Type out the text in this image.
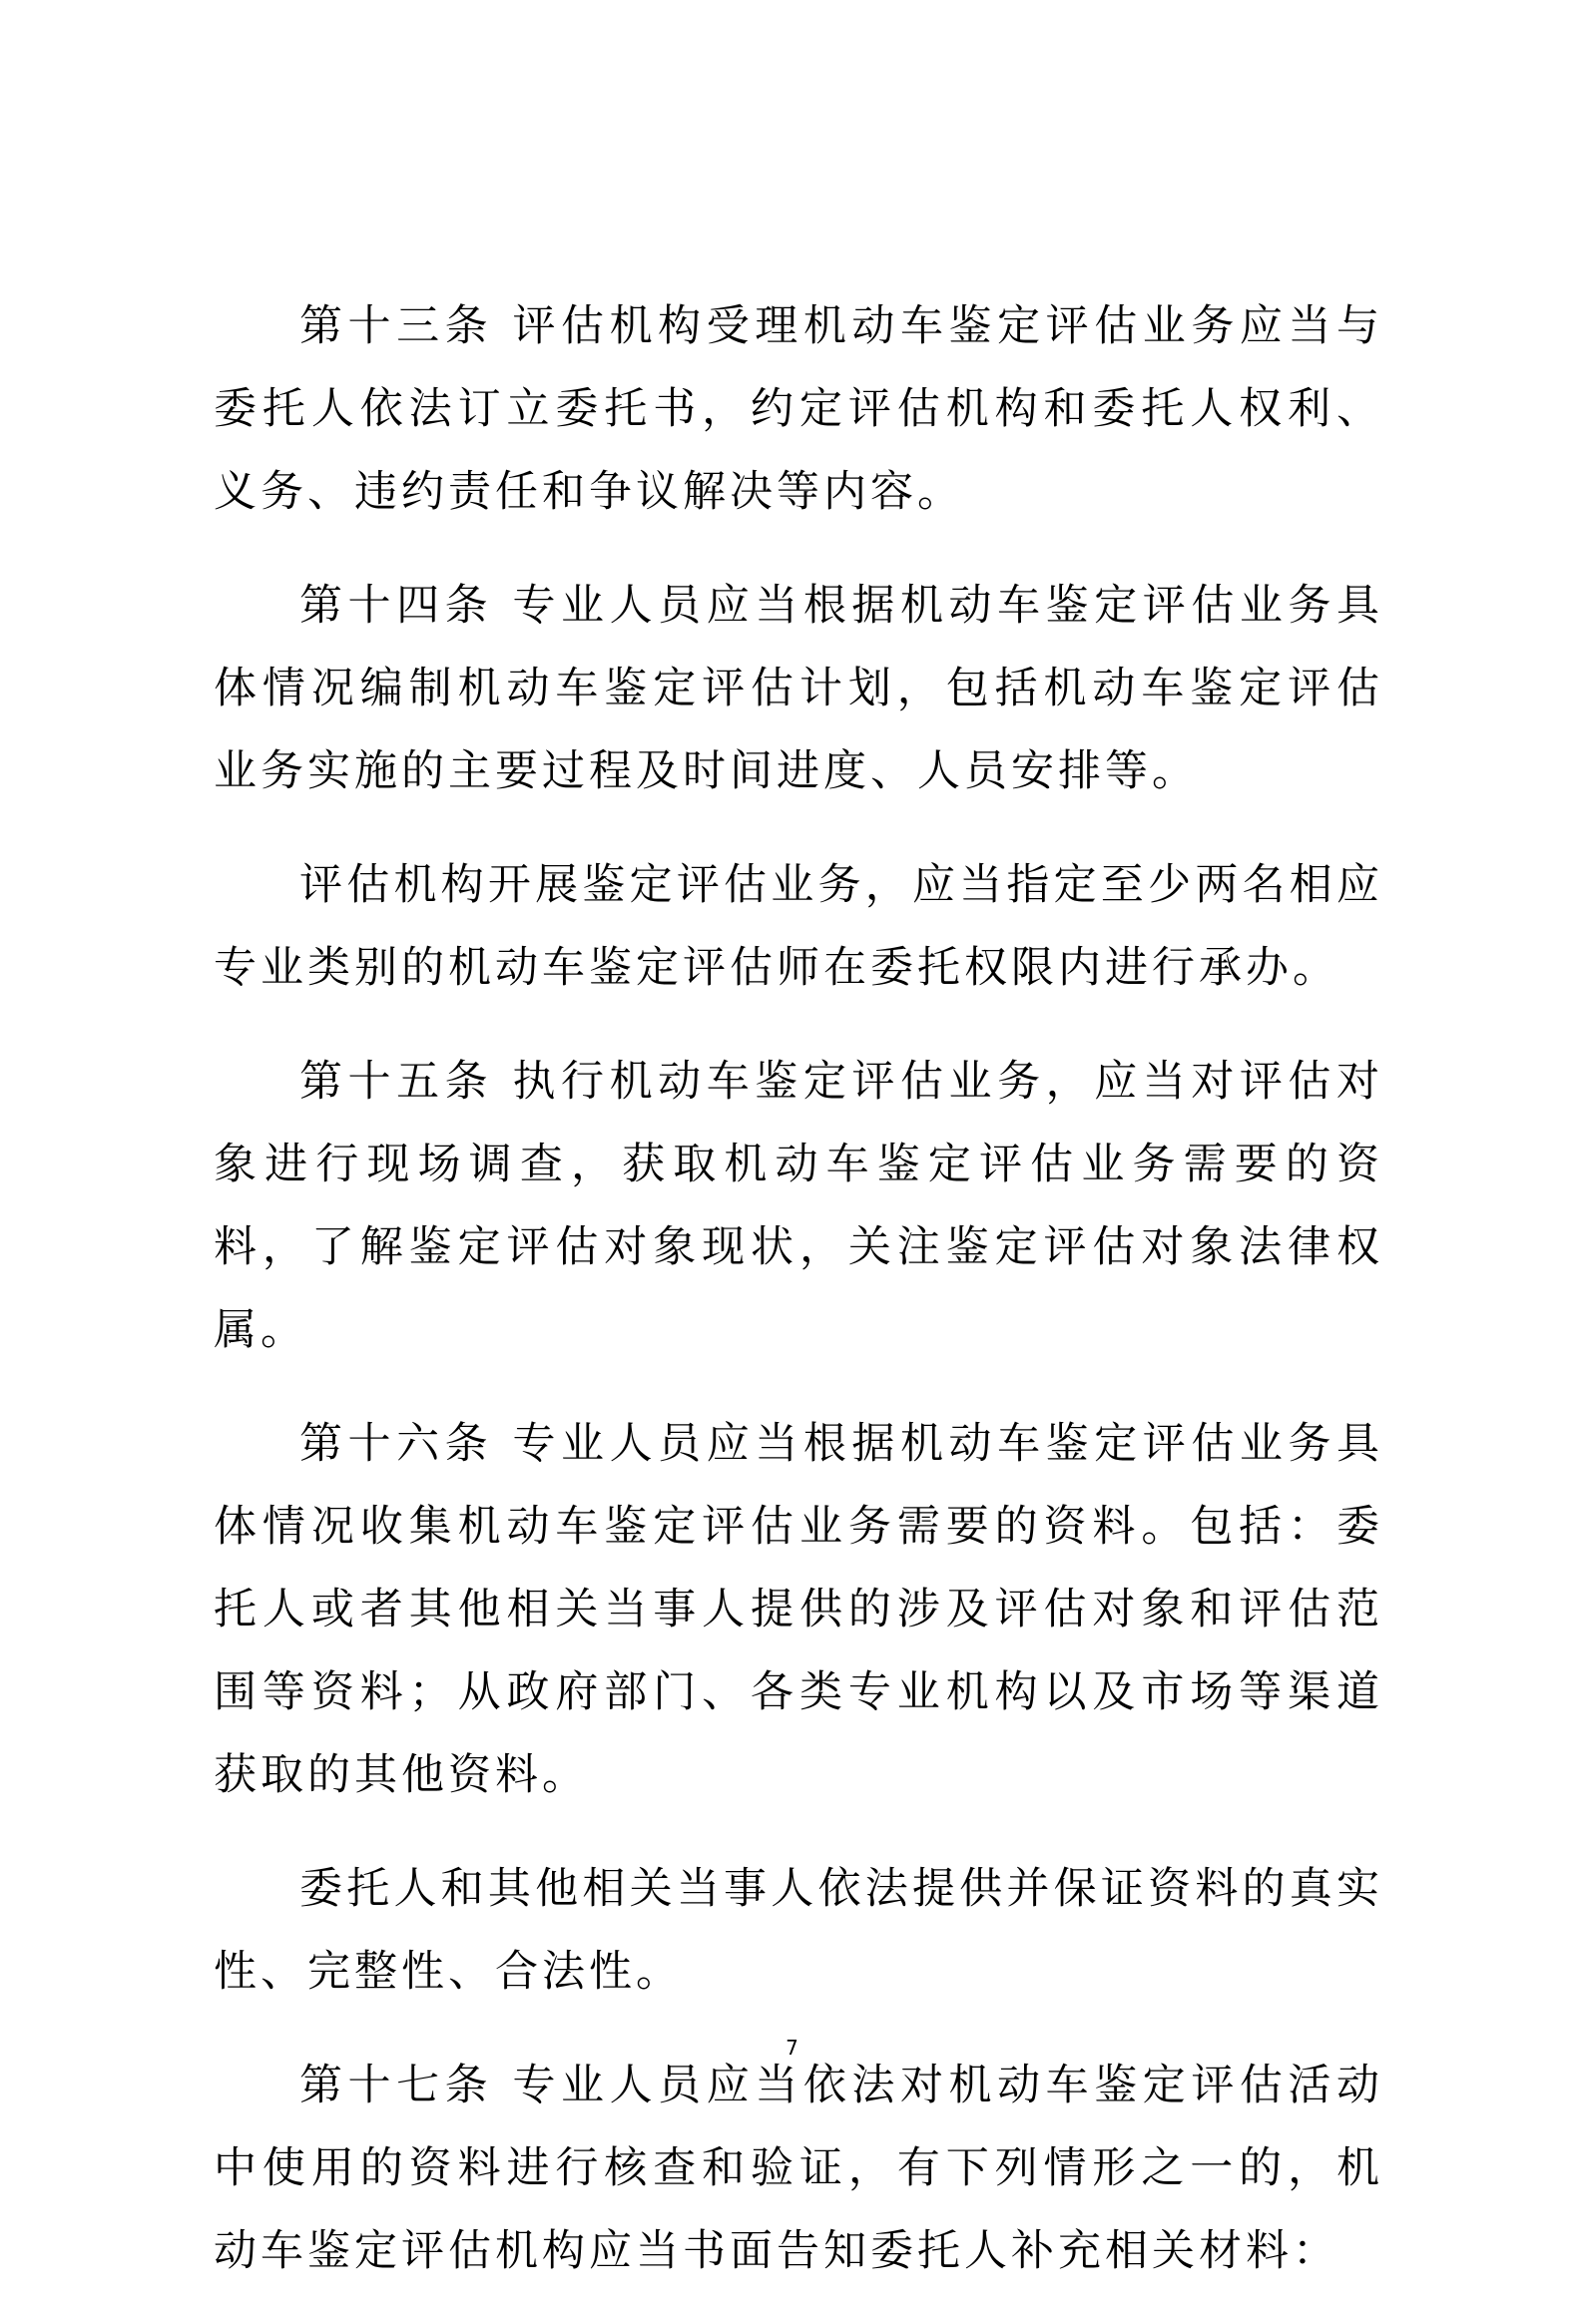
第十三条 评估机构受理机动车鉴定评估业务应当与委托人依法订立委托书，约定评估机构和委托人权利、义务、违约责任和争议解决等内容。

第十四条 专业人员应当根据机动车鉴定评估业务具体情况编制机动车鉴定评估计划，包括机动车鉴定评估业务实施的主要过程及时间进度、人员安排等。

评估机构开展鉴定评估业务，应当指定至少两名相应专业类别的机动车鉴定评估师在委托权限内进行承办。

第十五条 执行机动车鉴定评估业务，应当对评估对象进行现场调查，获取机动车鉴定评估业务需要的资料，了解鉴定评估对象现状，关注鉴定评估对象法律权属。

第十六条 专业人员应当根据机动车鉴定评估业务具体情况收集机动车鉴定评估业务需要的资料。包括：委托人或者其他相关当事人提供的涉及评估对象和评估范围等资料；从政府部门、各类专业机构以及市场等渠道获取的其他资料。

委托人和其他相关当事人依法提供并保证资料的真实性、完整性、合法性。

第十七条 专业人员应当依法对机动车鉴定评估活动中使用的资料进行核查和验证，有下列情形之一的，机动车鉴定评估机构应当书面告知委托人补充相关材料：

7
